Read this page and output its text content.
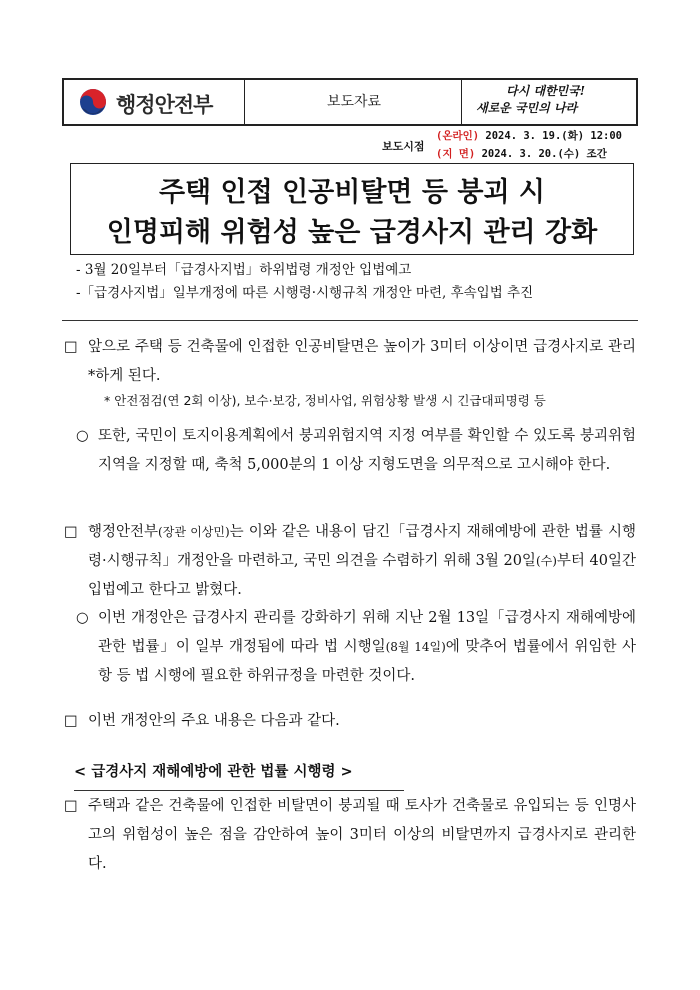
행정안전부	보도자료
다시 대한민국!
새로운 국민의 나라
보도시점
(온라인) 2024. 3. 19.(화) 12:00
(지 면) 2024. 3. 20.(수) 조간
주택 인접 인공비탈면 등 붕괴 시
인명피해 위험성 높은 급경사지 관리 강화
- 3월 20일부터「급경사지법」하위법령 개정안 입법예고
-「급경사지법」일부개정에 따른 시행령·시행규칙 개정안 마련, 후속입법 추진
□ 앞으로 주택 등 건축물에 인접한 인공비탈면은 높이가 3미터 이상이면 급경사지로 관리*하게 된다.
* 안전점검(연 2회 이상), 보수·보강, 정비사업, 위험상황 발생 시 긴급대피명령 등
○ 또한, 국민이 토지이용계획에서 붕괴위험지역 지정 여부를 확인할 수 있도록 붕괴위험지역을 지정할 때, 축척 5,000분의 1 이상 지형도면을 의무적으로 고시해야 한다.
□ 행정안전부(장관 이상민)는 이와 같은 내용이 담긴「급경사지 재해예방에 관한 법률 시행령·시행규칙」개정안을 마련하고, 국민 의견을 수렴하기 위해 3월 20일(수)부터 40일간 입법예고 한다고 밝혔다.
○ 이번 개정안은 급경사지 관리를 강화하기 위해 지난 2월 13일「급경사지 재해예방에 관한 법률」이 일부 개정됨에 따라 법 시행일(8월 14일)에 맞추어 법률에서 위임한 사항 등 법 시행에 필요한 하위규정을 마련한 것이다.
□ 이번 개정안의 주요 내용은 다음과 같다.
< 급경사지 재해예방에 관한 법률 시행령 >
□ 주택과 같은 건축물에 인접한 비탈면이 붕괴될 때 토사가 건축물로 유입되는 등 인명사고의 위험성이 높은 점을 감안하여 높이 3미터 이상의 비탈면까지 급경사지로 관리한다.
